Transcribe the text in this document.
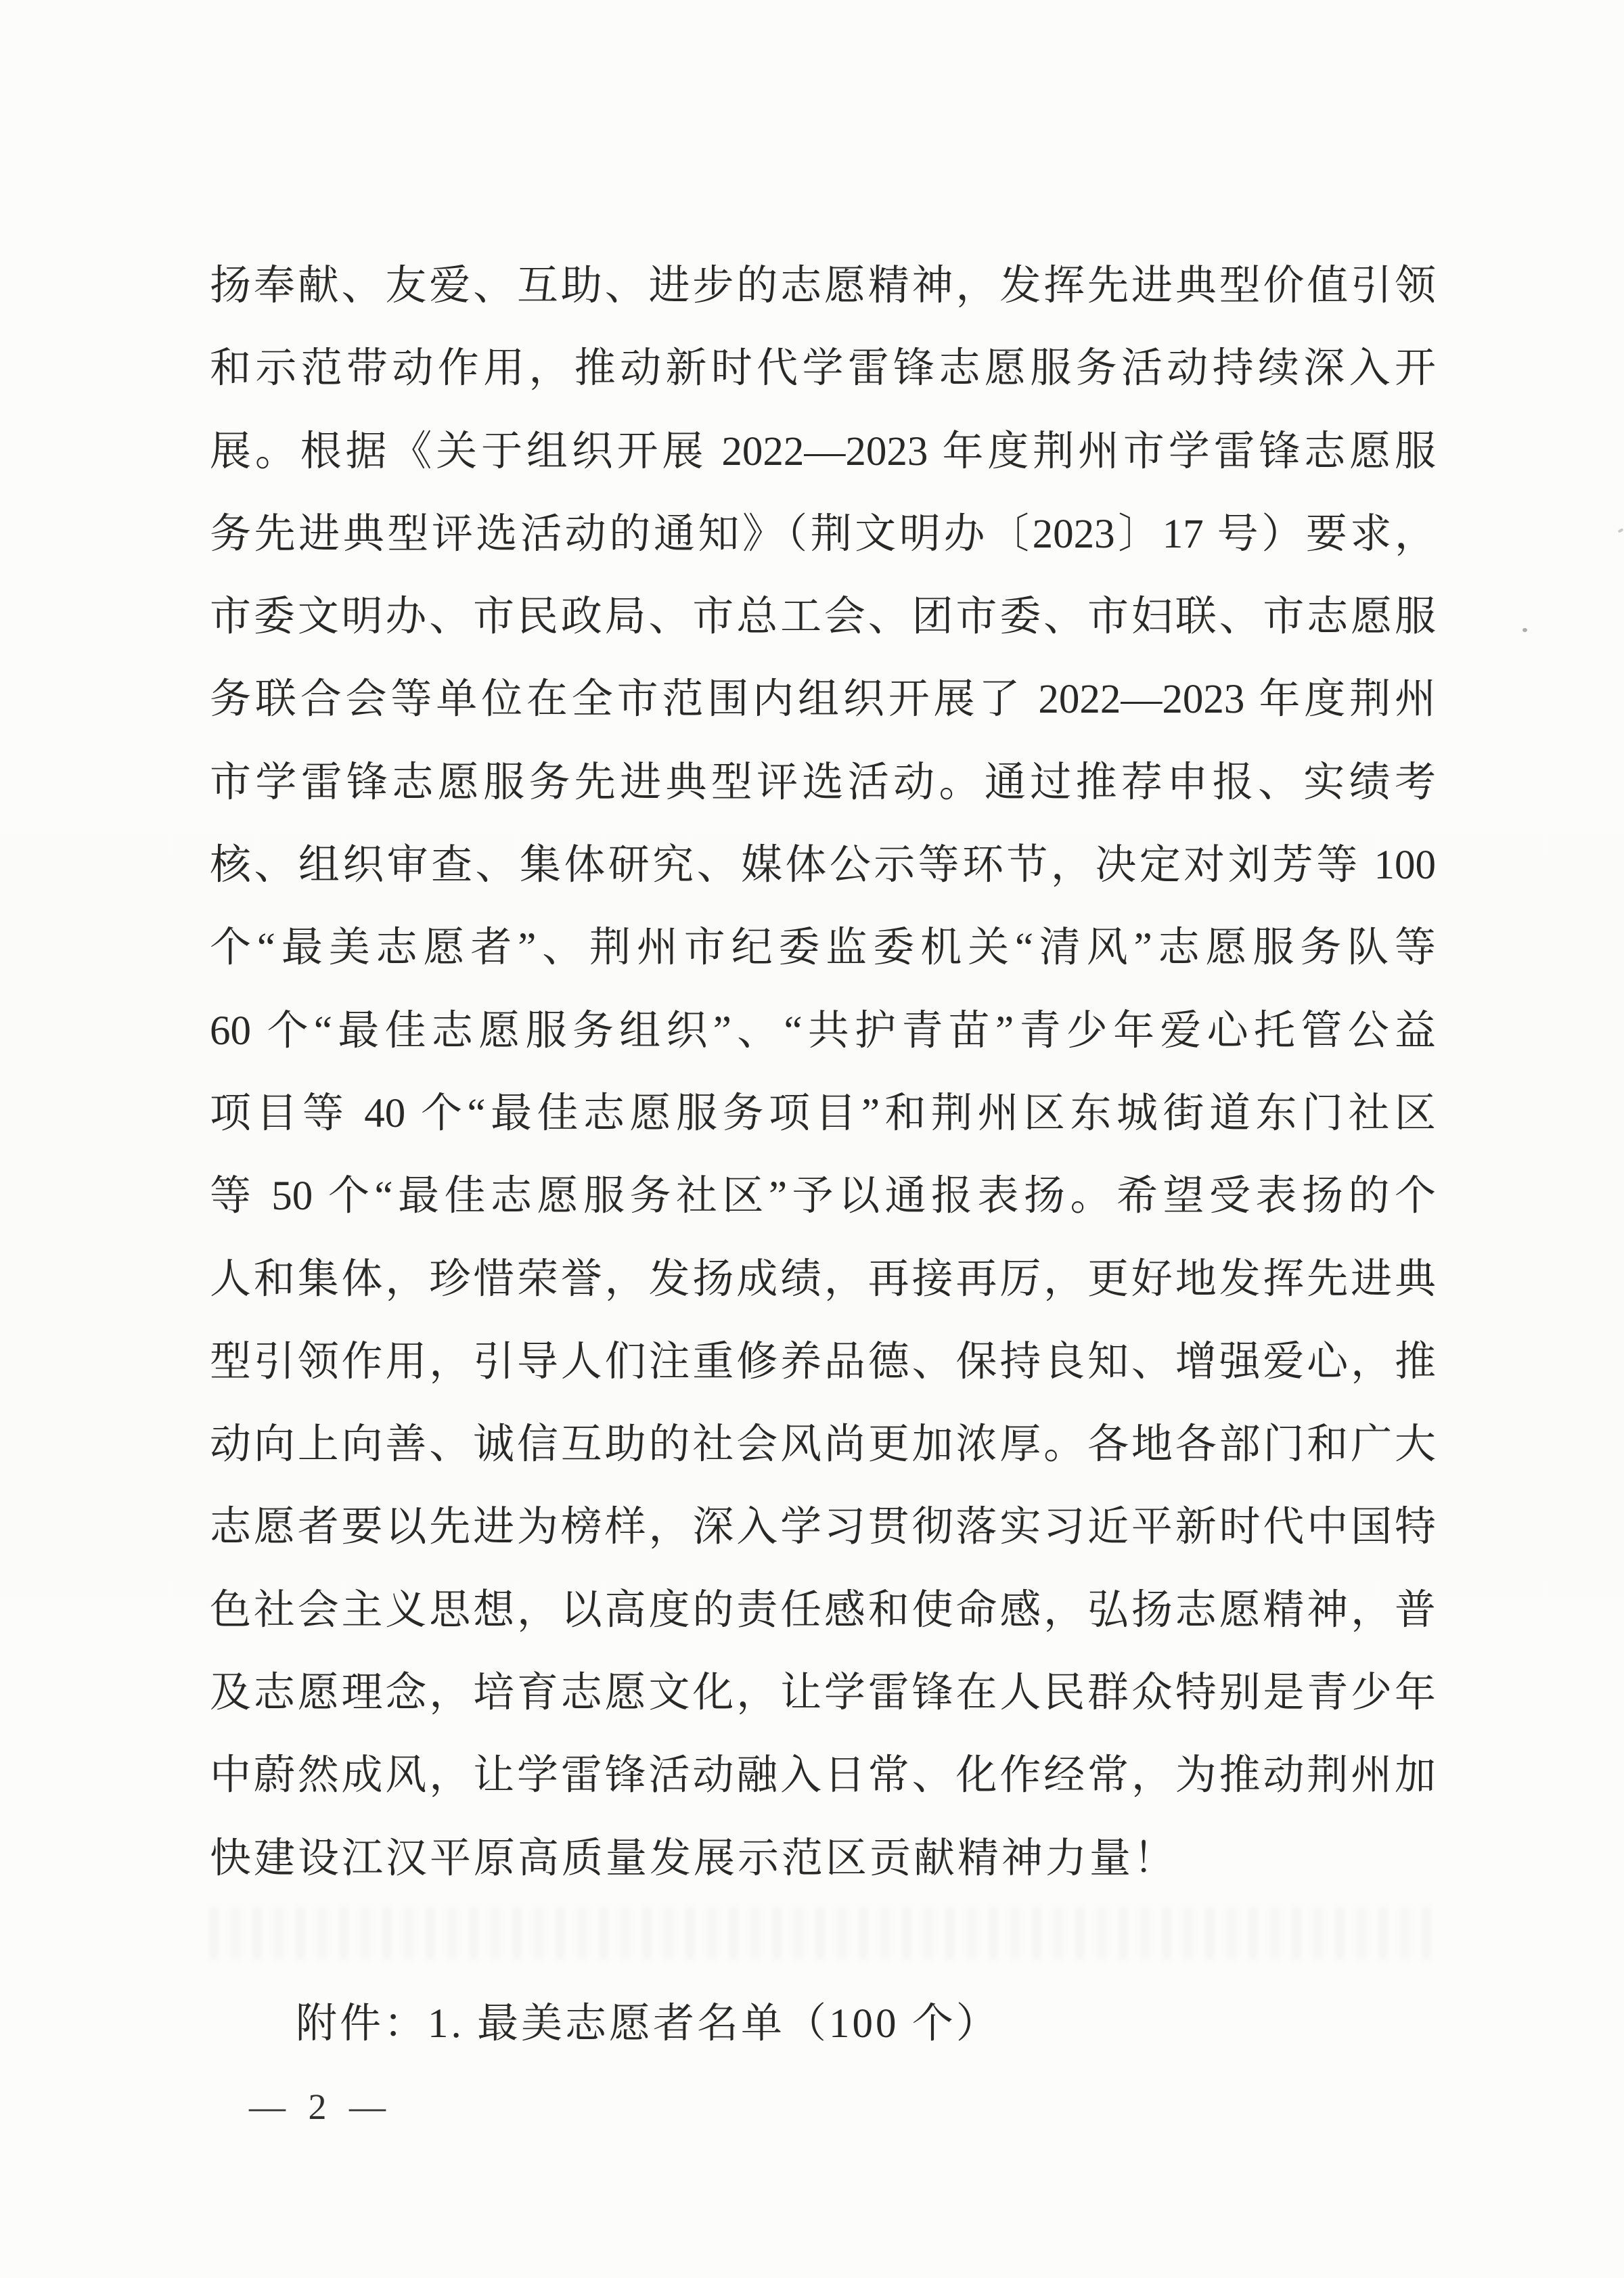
扬奉献、友爱、互助、进步的志愿精神，发挥先进典型价值引领
和示范带动作用，推动新时代学雷锋志愿服务活动持续深入开
展。根据《关于组织开展 2022—2023 年度荆州市学雷锋志愿服
务先进典型评选活动的通知》（荆文明办〔2023〕17 号）要求，
市委文明办、市民政局、市总工会、团市委、市妇联、市志愿服
务联合会等单位在全市范围内组织开展了 2022—2023 年度荆州
市学雷锋志愿服务先进典型评选活动。通过推荐申报、实绩考
核、组织审查、集体研究、媒体公示等环节，决定对刘芳等 100
个“最美志愿者”、荆州市纪委监委机关“清风”志愿服务队等
60 个“最佳志愿服务组织”、“共护青苗”青少年爱心托管公益
项目等 40 个“最佳志愿服务项目”和荆州区东城街道东门社区
等 50 个“最佳志愿服务社区”予以通报表扬。希望受表扬的个
人和集体，珍惜荣誉，发扬成绩，再接再厉，更好地发挥先进典
型引领作用，引导人们注重修养品德、保持良知、增强爱心，推
动向上向善、诚信互助的社会风尚更加浓厚。各地各部门和广大
志愿者要以先进为榜样，深入学习贯彻落实习近平新时代中国特
色社会主义思想，以高度的责任感和使命感，弘扬志愿精神，普
及志愿理念，培育志愿文化，让学雷锋在人民群众特别是青少年
中蔚然成风，让学雷锋活动融入日常、化作经常，为推动荆州加
快建设江汉平原高质量发展示范区贡献精神力量！
附件：1. 最美志愿者名单（100 个）
— 2 —
